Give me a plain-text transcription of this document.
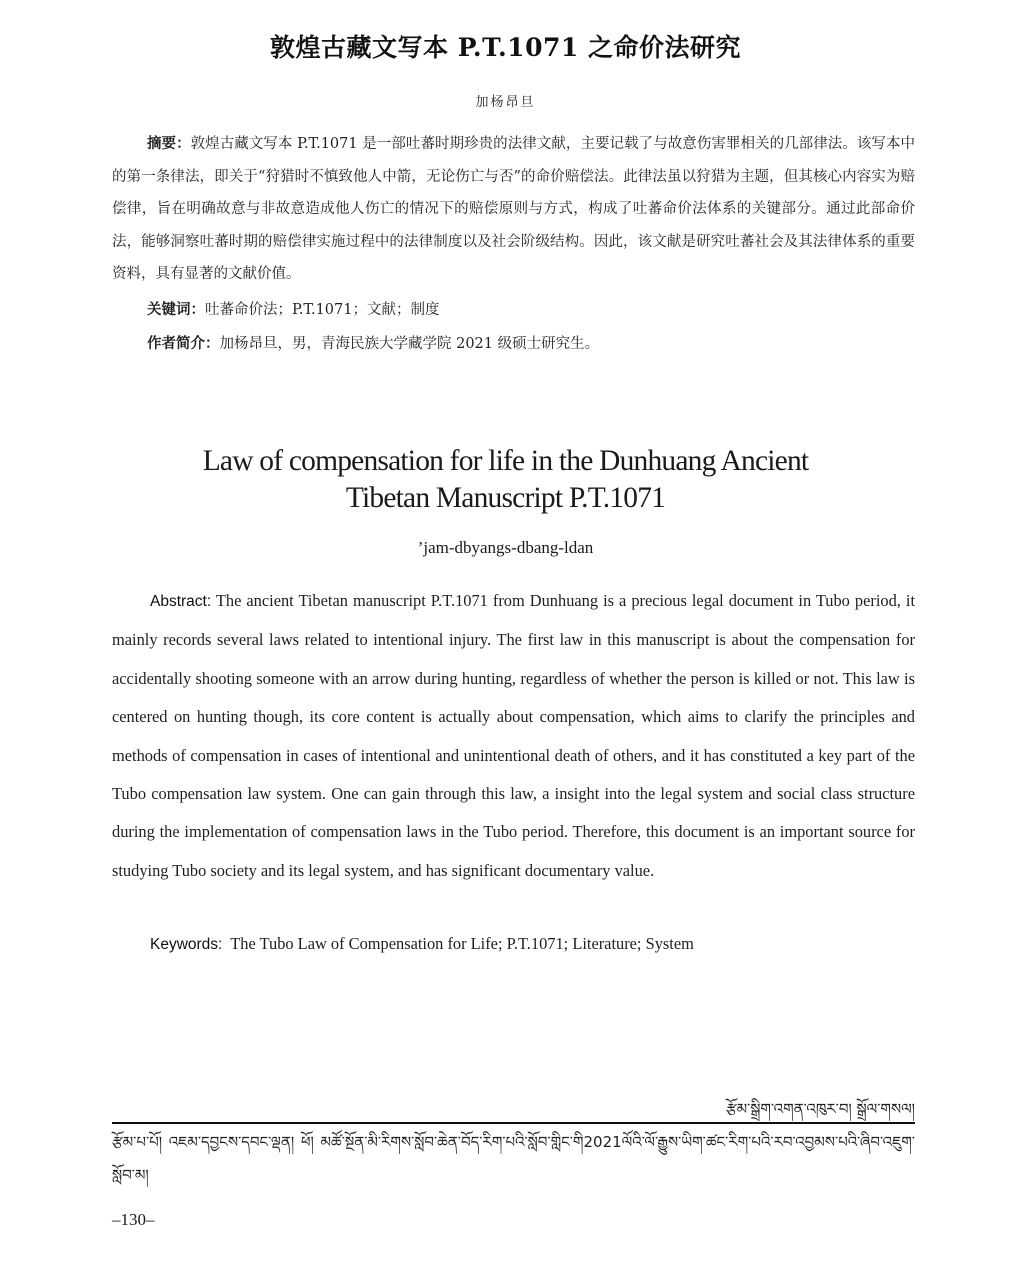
敦煌古藏文写本 P.T.1071 之命价法研究
加杨昂旦
摘要：敦煌古藏文写本 P.T.1071 是一部吐蕃时期珍贵的法律文献，主要记载了与故意伤害罪相关的几部律法。该写本中的第一条律法，即关于“狩猎时不慎致他人中箭，无论伤亡与否”的命价赔偿法。此律法虽以狩猎为主题，但其核心内容实为赔偿律，旨在明确故意与非故意造成他人伤亡的情况下的赔偿原则与方式，构成了吐蕃命价法体系的关键部分。通过此部命价法，能够洞察吐蕃时期的赔偿律实施过程中的法律制度以及社会阶级结构。因此，该文献是研究吐蕃社会及其法律体系的重要资料，具有显著的文献价值。
关键词：吐蕃命价法；P.T.1071；文献；制度
作者简介：加杨昂旦，男，青海民族大学藏学院 2021 级硕士研究生。
Law of compensation for life in the Dunhuang Ancient
Tibetan Manuscript P.T.1071
’jam-dbyangs-dbang-ldan
Abstract: The ancient Tibetan manuscript P.T.1071 from Dunhuang is a precious legal document in Tubo period, it mainly records several laws related to intentional injury. The first law in this manuscript is about the compensation for accidentally shooting someone with an arrow during hunting, regardless of whether the person is killed or not. This law is centered on hunting though, its core content is actually about compensation, which aims to clarify the principles and methods of compensation in cases of intentional and unintentional death of others, and it has constituted a key part of the Tubo compensation law system. One can gain through this law, a insight into the legal system and social class structure during the implementation of compensation laws in the Tubo period. Therefore, this document is an important source for studying Tubo society and its legal system, and has significant documentary value.
Keywords:  The Tubo Law of Compensation for Life; P.T.1071; Literature; System
རྩོམ་སྒྲིག་འགན་འཁུར་བ། སྒྲོལ་གསལ།
རྩོམ་པ་པོ། འཇམ་དབྱངས་དབང་ལྡན། ཕོ། མཚོ་སྔོན་མི་རིགས་སློབ་ཆེན་བོད་རིག་པའི་སློབ་གླིང་གི2021ལོའི་ལོ་རྒྱུས་ཡིག་ཚང་རིག་པའི་རབ་འབྱམས་པའི་ཞིབ་འཇུག་སློབ་མ།
–130–
